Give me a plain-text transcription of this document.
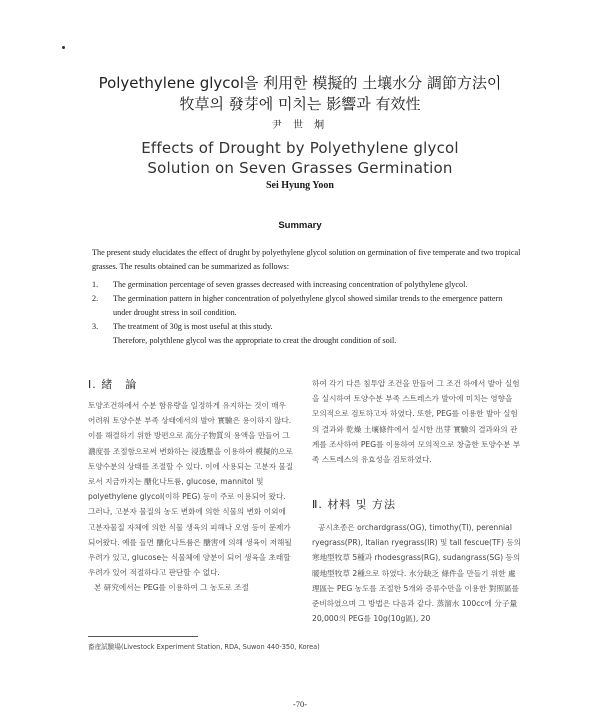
Polyethylene glycol을 利用한 模擬的 土壤水分 調節方法이
牧草의 發芽에 미치는 影響과 有效性
尹 世 炯
Effects of Drought by Polyethylene glycol
Solution on Seven Grasses Germination
Sei Hyung Yoon
Summary

The present study elucidates the effect of drught by polyethylene glycol solution on germination of five temperate and two tropical grasses. The results obtained can be summarized as follows:

1. The germination percentage of seven grasses decreased with increasing concentration of polythylene glycol.

2. The germination pattern in higher concentration of polyethylene glycol showed similar trends to the emergence pattern under drought stress in soil condition.

3. The treatment of 30g is most useful at this study.

Therefore, polythlene glycol was the appropriate to creat the drought condition of soil.

Ⅰ. 緒　論

토양조건하에서 수분 함유량을 일정하게 유지하는 것이 매우 어려워 토양수분 부족 상태에서의 발아 實驗은 용이하지 않다. 이를 해결하기 위한 방편으로 高分子物質의 용액을 만들어 그 濃度를 조절함으로써 변화하는 浸透壓을 이용하여 模擬的으로 토양수분의 상태를 조절할 수 있다. 이에 사용되는 고분자 물질로서 지금까지는 醣化나트륨, glucose, mannitol 및 polyethylene glycol(이하 PEG) 등이 주로 이용되어 왔다. 그러나, 고분자 물질의 농도 변화에 의한 식물의 변화 이외에 고분자물질 자체에 의한 식물 생육의 피해나 오염 등이 문제가 되어왔다. 예를 들면 醣化나트륨은 醣害에 의해 생육이 저해될 우려가 있고, glucose는 식물체에 양분이 되어 생육을 초래할 우려가 있어 적절하다고 판단할 수 없다.

본 研究에서는 PEG를 이용하여 그 농도로 조절

하여 각기 다른 침투압 조건을 만들어 그 조건 하에서 발아 실험을 실시하여 토양수분 부족 스트레스가 발아에 미치는 영향을 모의적으로 검토하고자 하였다. 또한, PEG를 이용한 발아 실험의 결과와 乾燥 土壤條件에서 실시한 出芽 實驗의 결과와의 관계를 조사하여 PEG를 이용하여 모의적으로 창출한 토양수분 부족 스트레스의 유효성을 검토하였다.

Ⅱ. 材料 및 方法

공시초종은 orchardgrass(OG), timothy(TI), perennial ryegrass(PR), Italian ryegrass(IR) 및 tall fescue(TF) 등의 寒地型牧草 5種과 rhodesgrass(RG), sudangrass(SG) 등의 暖地型牧草 2種으로 하였다. 水分缺乏 條件을 만들기 위한 處理區는 PEG 농도를 조절한 5개와 증류수만을 이용한 對照區를 준비하였으며 그 방법은 다음과 같다. 蒸溜水 100cc에 分子量 20,000의 PEG를 10g(10g區), 20

畜産試驗場(Livestock Experiment Station, RDA, Suwon 440-350, Korea)
-70-
